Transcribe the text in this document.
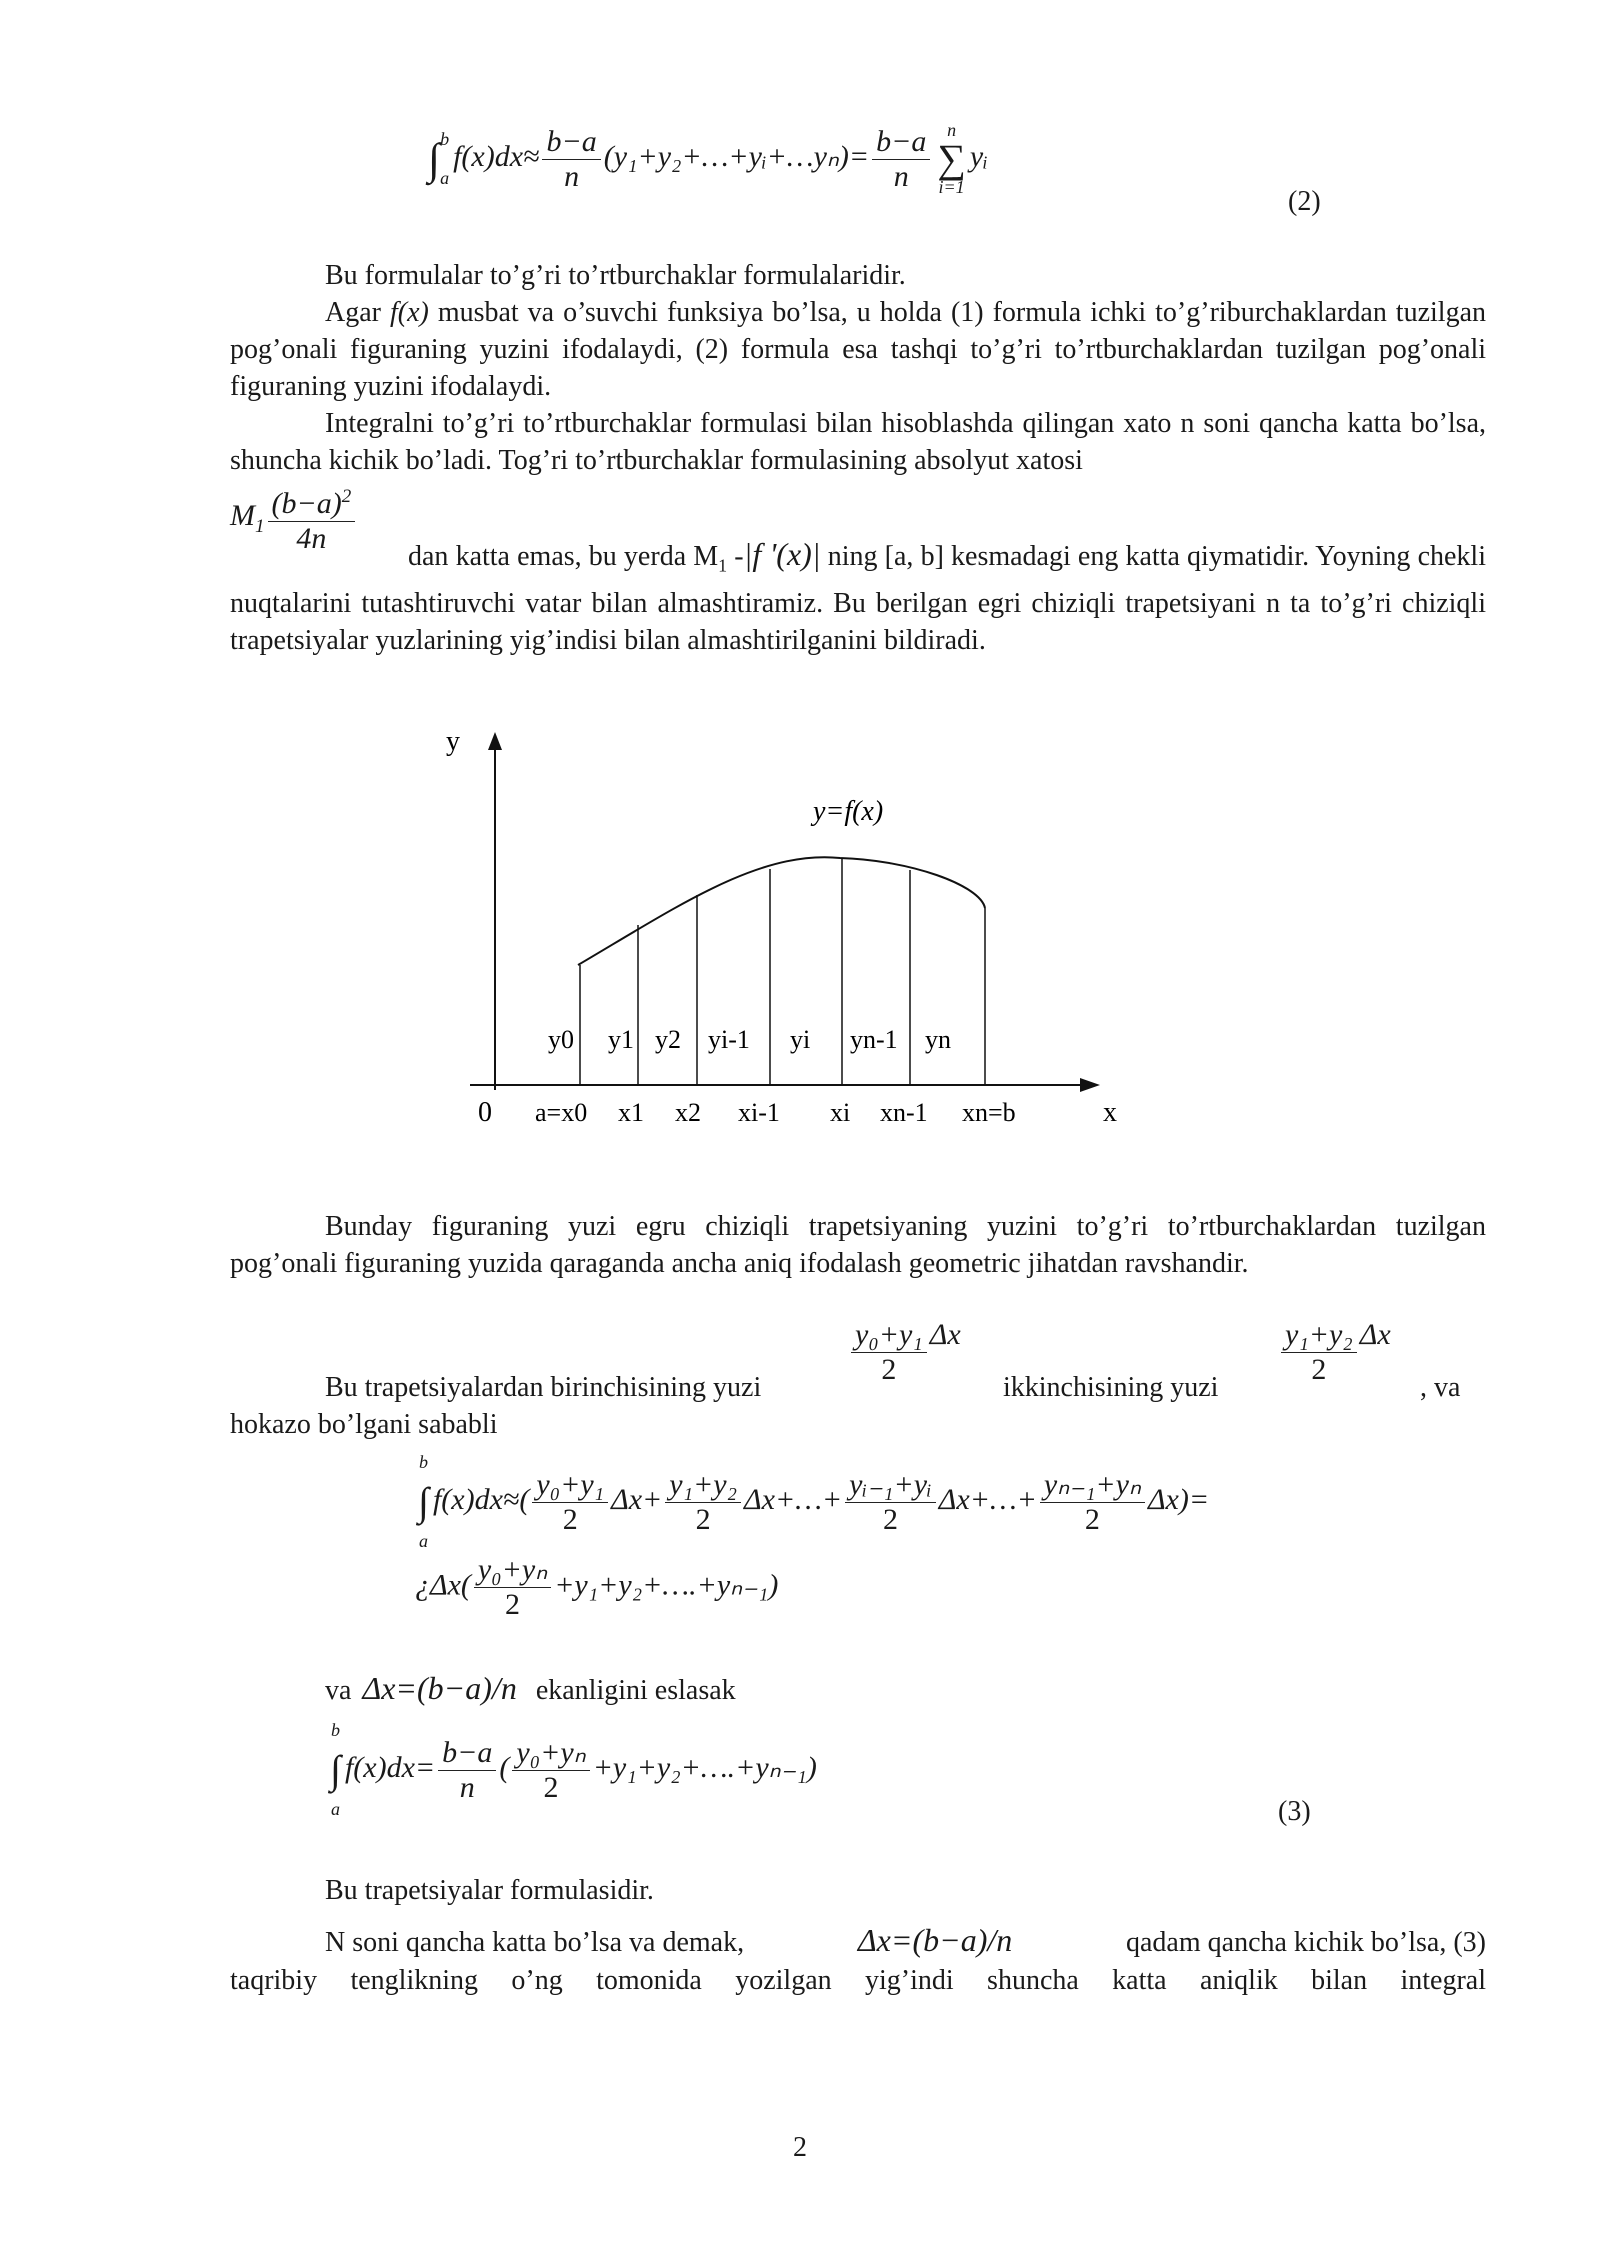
∫ b
a
$f(x)dx\approx \frac{b-a}{n}$ (y₁+y₂+…+yᵢ+…yₙ)= $\frac{b-a}{n}$ n
∑
i=1
yᵢ
(2)
Bu formulalar to’g’ri to’rtburchaklar formulalaridir.
Agar f(x) musbat va o’suvchi funksiya bo’lsa, u holda (1) formula ichki to’g’riburchaklardan tuzilgan pog’onali figuraning yuzini ifodalaydi, (2) formula esa tashqi to’g’ri to’rtburchaklardan tuzilgan pog’onali figuraning yuzini ifodalaydi.
Integralni to’g’ri to’rtburchaklar formulasi bilan hisoblashda qilingan xato n soni qancha katta bo’lsa, shuncha kichik bo’ladi. Tog’ri to’rtburchaklar formulasining absolyut xatosi
$M_1 \frac{(b-a)^2}{4n}$
dan katta emas, bu yerda $M_1$ -|f '(x)| ning [a, b] kesmadagi eng katta qiymatidir. Yoyning chekli nuqtalarini tutashtiruvchi vatar bilan almashtiramiz. Bu berilgan egri chiziqli trapetsiyani n ta to’g’ri chiziqli trapetsiyalar yuzlarining yig’indisi bilan almashtirilganini bildiradi.
y
x
0
y=f(x)
y0 y1 y2 yi-1 yi yn-1 yn
a=x0 x1 x2 xi-1 xi xn-1 xn=b
Bunday figuraning yuzi egru chiziqli trapetsiyaning yuzini to’g’ri to’rtburchaklardan tuzilgan pog’onali figuraning yuzida qaraganda ancha aniq ifodalash geometric jihatdan ravshandir.
Bu trapetsiyalardan birinchisining yuzi
$\frac{\text{y₀+y₁}}{2}$ Δx
ikkinchisining yuzi
$\frac{\text{y₁+y₂}}{2}$ Δx
, va
hokazo bo’lgani sababli
b
∫
a
$f(x)dx\approx( \frac{\text{y₀+y₁}}{2} \Delta x+ \frac{\text{y₁+y₂}}{2}$ Δx+…+ $\frac{\text{yᵢ₋₁+yᵢ}}{2}$ Δx+…+ $\frac{\text{yₙ₋₁+yₙ}}{2} \Delta x)=$
¿$\Delta x( \frac{\text{y₀+yₙ}}{2}$ +y₁+y₂+….+yₙ₋₁)
va Δx=(b−a)/n ekanligini eslasak
b
∫
a
$f(x)dx= \frac{b-a}{n}$ ( $\frac{\text{y₀+yₙ}}{2}$ +y₁+y₂+….+yₙ₋₁)
(3)
Bu trapetsiyalar formulasidir.
N soni qancha katta bo’lsa va demak,	Δx=(b−a)/n	qadam qancha kichik bo’lsa, (3)
taqribiy tenglikning o’ng tomonida yozilgan yig’indi shuncha katta aniqlik bilan integral
2
